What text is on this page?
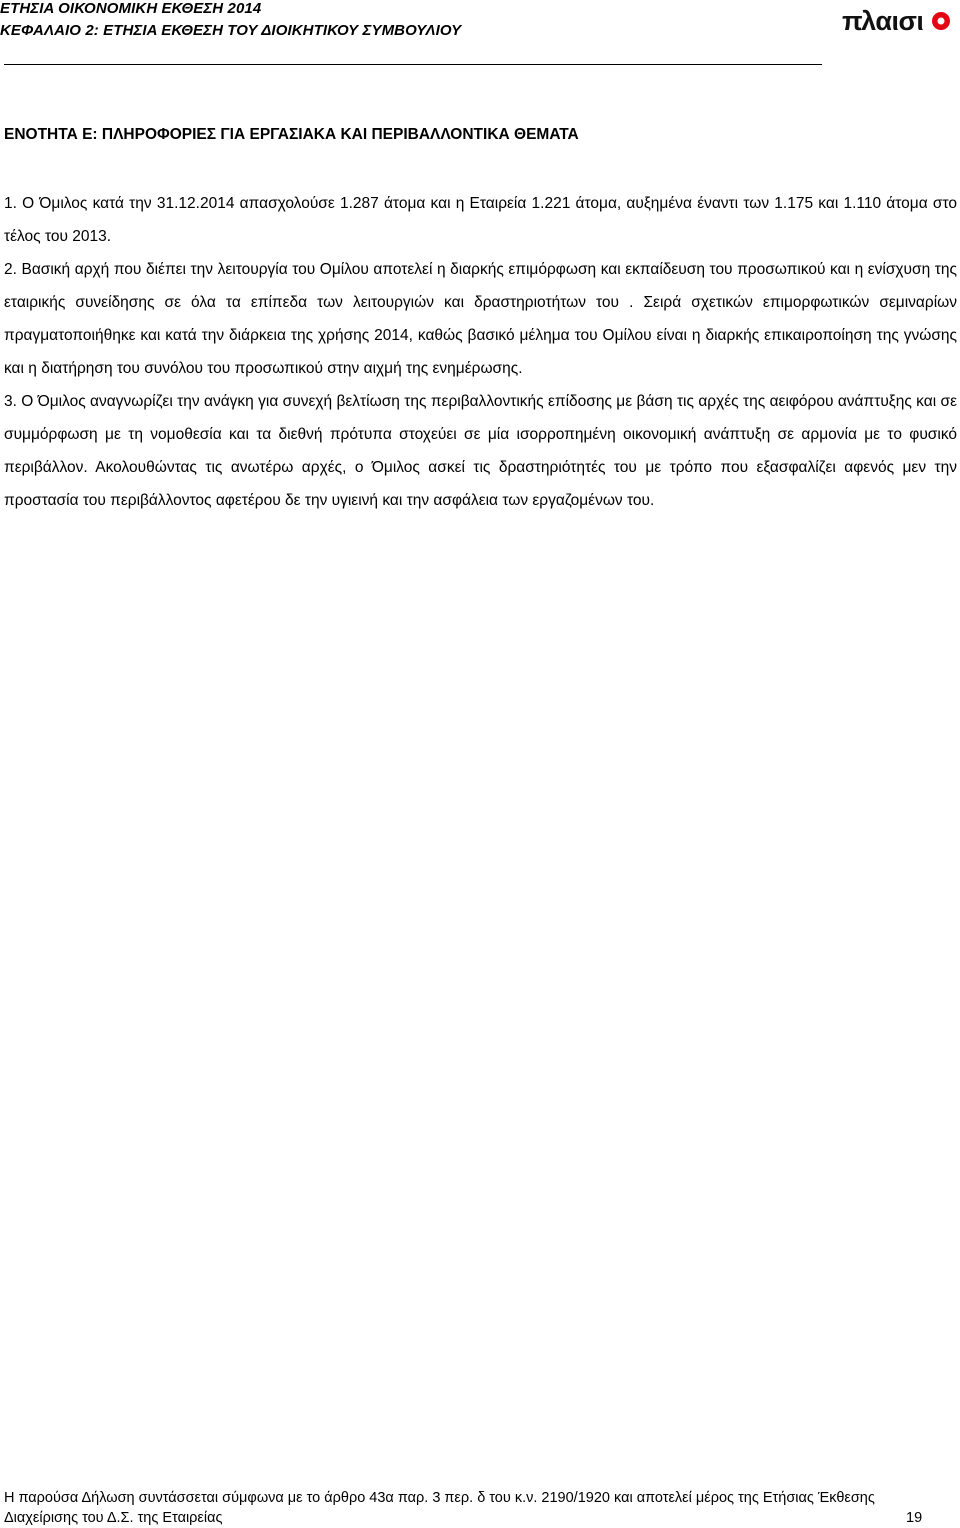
ΕΤΗΣΙΑ ΟΙΚΟΝΟΜΙΚΗ ΕΚΘΕΣΗ 2014
ΚΕΦΑΛΑΙΟ 2: ΕΤΗΣΙΑ ΕΚΘΕΣΗ ΤΟΥ ΔΙΟΙΚΗΤΙΚΟΥ ΣΥΜΒΟΥΛΙΟΥ	πλαισι
ΕΝΟΤΗΤΑ Ε: ΠΛΗΡΟΦΟΡΙΕΣ ΓΙΑ ΕΡΓΑΣΙΑΚΑ ΚΑΙ ΠΕΡΙΒΑΛΛΟΝΤΙΚΑ ΘΕΜΑΤΑ
1. Ο Όμιλος κατά την 31.12.2014 απασχολούσε 1.287 άτομα και η Εταιρεία 1.221 άτομα, αυξημένα έναντι των 1.175 και 1.110 άτομα στο τέλος του 2013.
2. Βασική αρχή που διέπει την λειτουργία του Ομίλου αποτελεί η διαρκής επιμόρφωση και εκπαίδευση του προσωπικού και η ενίσχυση της εταιρικής συνείδησης σε όλα τα επίπεδα των λειτουργιών και δραστηριοτήτων του . Σειρά σχετικών επιμορφωτικών σεμιναρίων πραγματοποιήθηκε και κατά την διάρκεια της χρήσης 2014, καθώς βασικό μέλημα του Ομίλου είναι η διαρκής επικαιροποίηση της γνώσης και η διατήρηση του συνόλου του προσωπικού στην αιχμή της ενημέρωσης.
3. Ο Όμιλος αναγνωρίζει την ανάγκη για συνεχή βελτίωση της περιβαλλοντικής επίδοσης με βάση τις αρχές της αειφόρου ανάπτυξης και σε συμμόρφωση με τη νομοθεσία και τα διεθνή πρότυπα στοχεύει σε μία ισορροπημένη οικονομική ανάπτυξη σε αρμονία με το φυσικό περιβάλλον. Ακολουθώντας τις ανωτέρω αρχές, ο Όμιλος ασκεί τις δραστηριότητές του με τρόπο που εξασφαλίζει αφενός μεν την προστασία του περιβάλλοντος αφετέρου δε την υγιεινή και την ασφάλεια των εργαζομένων του.
Η παρούσα Δήλωση συντάσσεται σύμφωνα με το άρθρο 43α παρ. 3 περ. δ του κ.ν. 2190/1920 και αποτελεί μέρος της Ετήσιας Έκθεσης
Διαχείρισης του Δ.Σ. της Εταιρείας	19
